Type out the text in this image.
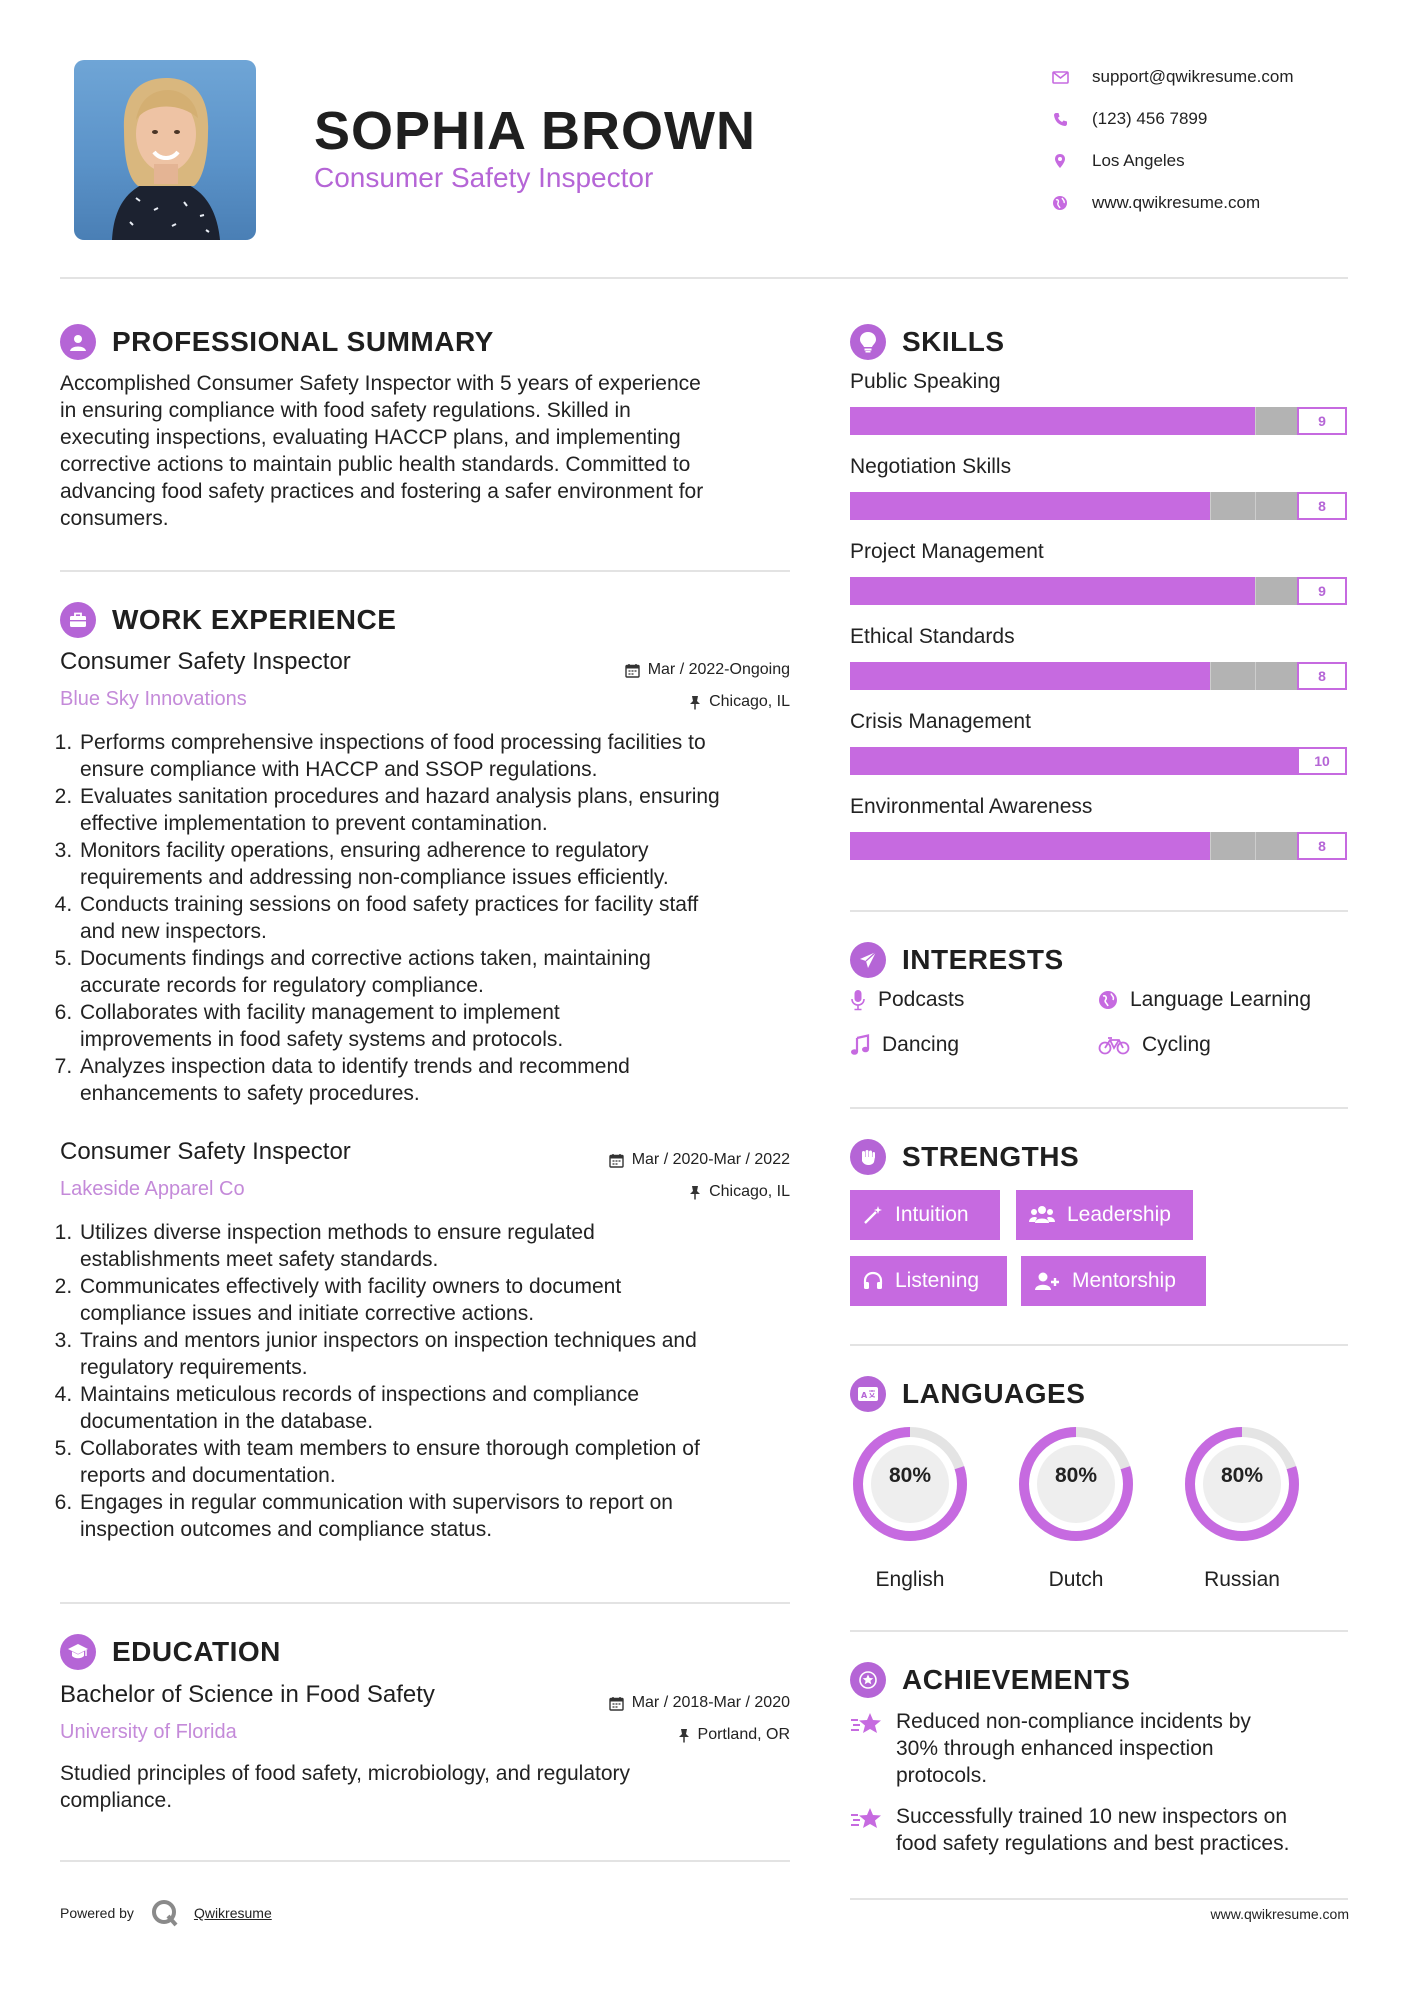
SOPHIA BROWN
Consumer Safety Inspector
support@qwikresume.com
(123) 456 7899
Los Angeles
www.qwikresume.com
PROFESSIONAL SUMMARY
Accomplished Consumer Safety Inspector with 5 years of experience
in ensuring compliance with food safety regulations. Skilled in
executing inspections, evaluating HACCP plans, and implementing
corrective actions to maintain public health standards. Committed to
advancing food safety practices and fostering a safer environment for
consumers.
WORK EXPERIENCE
Consumer Safety Inspector
Blue Sky Innovations
Mar / 2022-Ongoing
Chicago, IL
1. Performs comprehensive inspections of food processing facilities to
ensure compliance with HACCP and SSOP regulations.
2. Evaluates sanitation procedures and hazard analysis plans, ensuring
effective implementation to prevent contamination.
3. Monitors facility operations, ensuring adherence to regulatory
requirements and addressing non-compliance issues efficiently.
4. Conducts training sessions on food safety practices for facility staff
and new inspectors.
5. Documents findings and corrective actions taken, maintaining
accurate records for regulatory compliance.
6. Collaborates with facility management to implement
improvements in food safety systems and protocols.
7. Analyzes inspection data to identify trends and recommend
enhancements to safety procedures.
Consumer Safety Inspector
Lakeside Apparel Co
Mar / 2020-Mar / 2022
Chicago, IL
1. Utilizes diverse inspection methods to ensure regulated
establishments meet safety standards.
2. Communicates effectively with facility owners to document
compliance issues and initiate corrective actions.
3. Trains and mentors junior inspectors on inspection techniques and
regulatory requirements.
4. Maintains meticulous records of inspections and compliance
documentation in the database.
5. Collaborates with team members to ensure thorough completion of
reports and documentation.
6. Engages in regular communication with supervisors to report on
inspection outcomes and compliance status.
EDUCATION
Bachelor of Science in Food Safety
University of Florida
Mar / 2018-Mar / 2020
Portland, OR
Studied principles of food safety, microbiology, and regulatory
compliance.
SKILLS
Public Speaking
9
Negotiation Skills
8
Project Management
9
Ethical Standards
8
Crisis Management
10
Environmental Awareness
8
INTERESTS
Podcasts	Language Learning
Dancing	Cycling
STRENGTHS
Intuition	Leadership
Listening	Mentorship
A LANGUAGES
80%
English
80%
Dutch
80%
Russian
ACHIEVEMENTS
Reduced non-compliance incidents by
30% through enhanced inspection
protocols.
Successfully trained 10 new inspectors on
food safety regulations and best practices.
Powered by	Qwikresume	www.qwikresume.com
